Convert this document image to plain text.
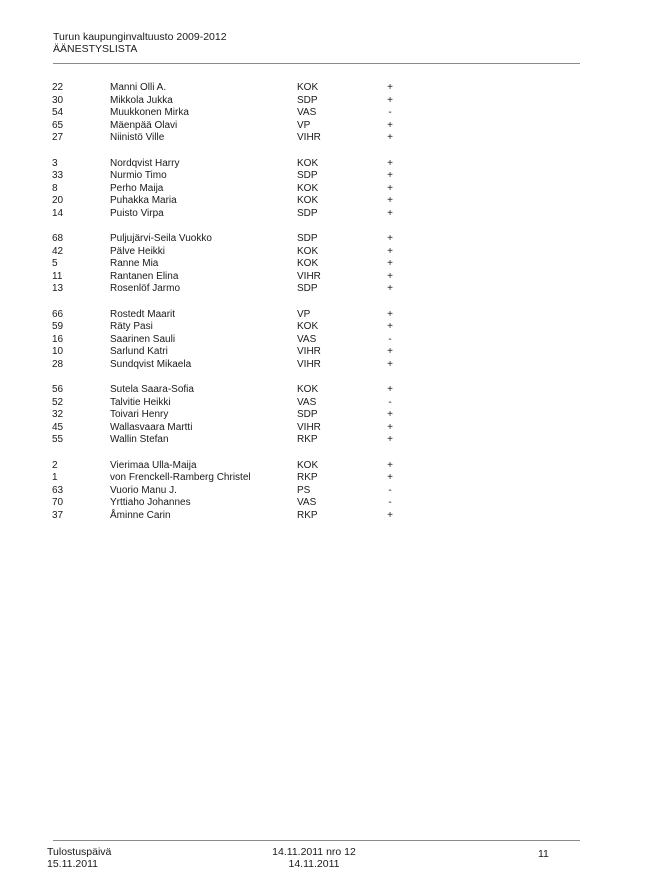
Turun kaupunginvaltuusto 2009-2012
ÄÄNESTYSLISTA
22	Manni Olli A.	KOK	+
30	Mikkola Jukka	SDP	+
54	Muukkonen Mirka	VAS	-
65	Mäenpää Olavi	VP	+
27	Niinistö Ville	VIHR	+
3	Nordqvist Harry	KOK	+
33	Nurmio Timo	SDP	+
8	Perho Maija	KOK	+
20	Puhakka Maria	KOK	+
14	Puisto Virpa	SDP	+
68	Puljujärvi-Seila Vuokko	SDP	+
42	Pälve Heikki	KOK	+
5	Ranne Mia	KOK	+
11	Rantanen Elina	VIHR	+
13	Rosenlöf Jarmo	SDP	+
66	Rostedt Maarit	VP	+
59	Räty Pasi	KOK	+
16	Saarinen Sauli	VAS	-
10	Sarlund Katri	VIHR	+
28	Sundqvist Mikaela	VIHR	+
56	Sutela Saara-Sofia	KOK	+
52	Talvitie Heikki	VAS	-
32	Toivari Henry	SDP	+
45	Wallasvaara Martti	VIHR	+
55	Wallin Stefan	RKP	+
2	Vierimaa Ulla-Maija	KOK	+
1	von Frenckell-Ramberg Christel	RKP	+
63	Vuorio Manu J.	PS	-
70	Yrttiaho Johannes	VAS	-
37	Åminne Carin	RKP	+
Tulostuspäivä
15.11.2011
14.11.2011 nro 12
14.11.2011
11
